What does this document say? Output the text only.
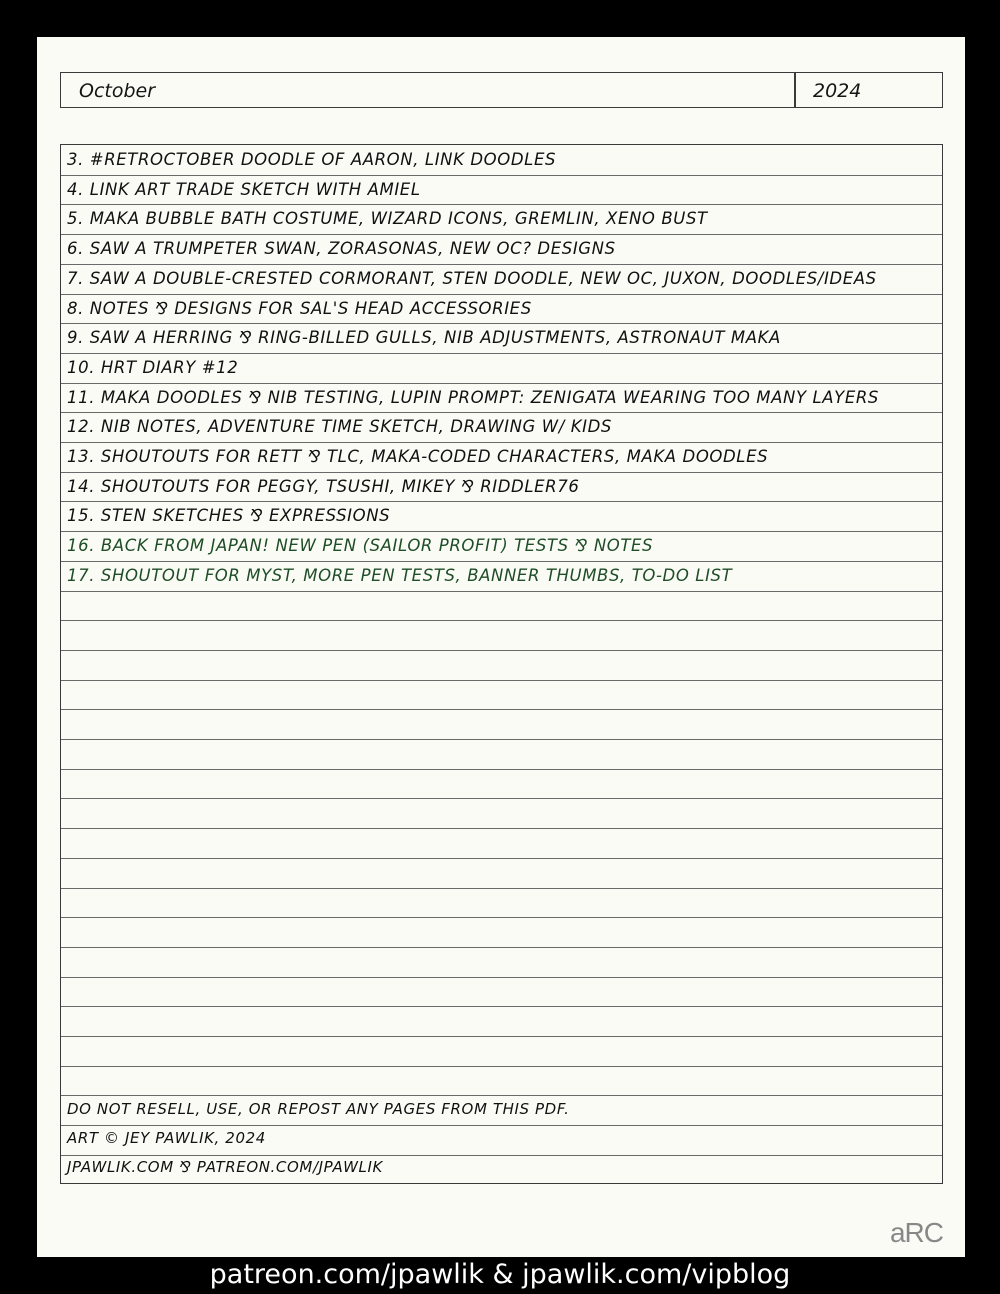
October	2024
3. #RETROCTOBER DOODLE OF AARON, LINK DOODLES
4. LINK ART TRADE SKETCH WITH AMIEL
5. MAKA BUBBLE BATH COSTUME, WIZARD ICONS, GREMLIN, XENO BUST
6. SAW A TRUMPETER SWAN, ZORASONAS, NEW OC? DESIGNS
7. SAW A DOUBLE-CRESTED CORMORANT, STEN DOODLE, NEW OC, JUXON, DOODLES/IDEAS
8. NOTES ⅋ DESIGNS FOR SAL'S HEAD ACCESSORIES
9. SAW A HERRING ⅋ RING-BILLED GULLS, NIB ADJUSTMENTS, ASTRONAUT MAKA
10. HRT DIARY #12
11. MAKA DOODLES ⅋ NIB TESTING, LUPIN PROMPT: ZENIGATA WEARING TOO MANY LAYERS
12. NIB NOTES, ADVENTURE TIME SKETCH, DRAWING W/ KIDS
13. SHOUTOUTS FOR RETT ⅋ TLC, MAKA-CODED CHARACTERS, MAKA DOODLES
14. SHOUTOUTS FOR PEGGY, TSUSHI, MIKEY ⅋ RIDDLER76
15. STEN SKETCHES ⅋ EXPRESSIONS
16. BACK FROM JAPAN! NEW PEN (SAILOR PROFIT) TESTS ⅋ NOTES
17. SHOUTOUT FOR MYST, MORE PEN TESTS, BANNER THUMBS, TO-DO LIST
DO NOT RESELL, USE, OR REPOST ANY PAGES FROM THIS PDF.
ART © JEY PAWLIK, 2024
JPAWLIK.COM ⅋ PATREON.COM/JPAWLIK
aRC
patreon.com/jpawlik & jpawlik.com/vipblog
